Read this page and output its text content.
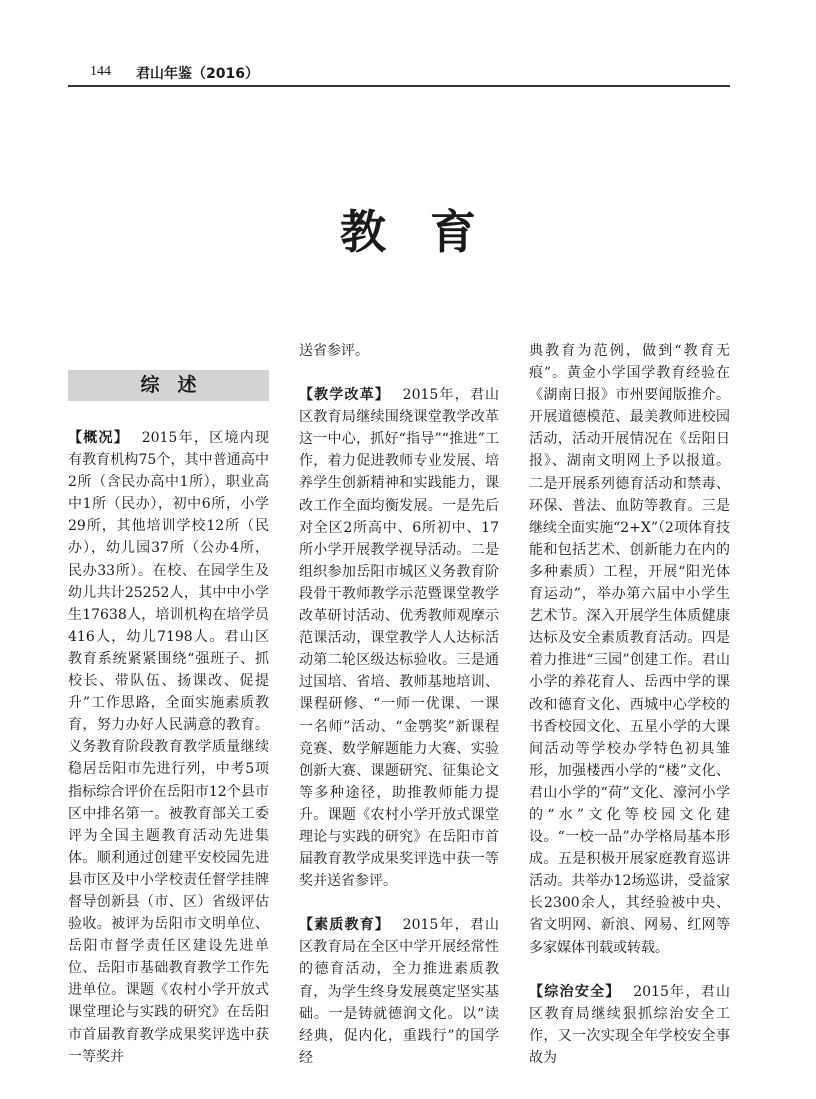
144 君山年鉴（2016）
教育
综述

【概况】 2015年，区境内现有教育机构75个，其中普通高中2所（含民办高中1所），职业高中1所（民办），初中6所，小学29所，其他培训学校12所（民办），幼儿园37所（公办4所，民办33所）。在校、在园学生及幼儿共计25252人，其中中小学生17638人，培训机构在培学员416人，幼儿7198人。君山区教育系统紧紧围绕“强班子、抓校长、带队伍、扬课改、促提升”工作思路，全面实施素质教育，努力办好人民满意的教育。义务教育阶段教育教学质量继续稳居岳阳市先进行列，中考5项指标综合评价在岳阳市12个县市区中排名第一。被教育部关工委评为全国主题教育活动先进集体。顺利通过创建平安校园先进县市区及中小学校责任督学挂牌督导创新县（市、区）省级评估验收。被评为岳阳市文明单位、岳阳市督学责任区建设先进单位、岳阳市基础教育教学工作先进单位。课题《农村小学开放式课堂理论与实践的研究》在岳阳市首届教育教学成果奖评选中获一等奖并

送省参评。

【教学改革】 2015年，君山区教育局继续围绕课堂教学改革这一中心，抓好“指导”“推进”工作，着力促进教师专业发展、培养学生创新精神和实践能力，课改工作全面均衡发展。一是先后对全区2所高中、6所初中、17所小学开展教学视导活动。二是组织参加岳阳市城区义务教育阶段骨干教师教学示范暨课堂教学改革研讨活动、优秀教师观摩示范课活动，课堂教学人人达标活动第二轮区级达标验收。三是通过国培、省培、教师基地培训、课程研修、“一师一优课、一课一名师”活动、“金鹗奖”新课程竞赛、数学解题能力大赛、实验创新大赛、课题研究、征集论文等多种途径，助推教师能力提升。课题《农村小学开放式课堂理论与实践的研究》在岳阳市首届教育教学成果奖评选中获一等奖并送省参评。

【素质教育】 2015年，君山区教育局在全区中学开展经常性的德育活动，全力推进素质教育，为学生终身发展奠定坚实基础。一是铸就德润文化。以“读经典，促内化，重践行”的国学经

典教育为范例，做到“教育无痕”。黄金小学国学教育经验在《湖南日报》市州要闻版推介。开展道德模范、最美教师进校园活动，活动开展情况在《岳阳日报》、湖南文明网上予以报道。二是开展系列德育活动和禁毒、环保、普法、血防等教育。三是继续全面实施“2+X”（2项体育技能和包括艺术、创新能力在内的多种素质）工程，开展“阳光体育运动”，举办第六届中小学生艺术节。深入开展学生体质健康达标及安全素质教育活动。四是着力推进“三园”创建工作。君山小学的养花育人、岳西中学的课改和德育文化、西城中心学校的书香校园文化、五星小学的大课间活动等学校办学特色初具雏形，加强楼西小学的“楼”文化、君山小学的“荷”文化、濠河小学的“水”文化等校园文化建设。“一校一品”办学格局基本形成。五是积极开展家庭教育巡讲活动。共举办12场巡讲，受益家长2300余人，其经验被中央、省文明网、新浪、网易、红网等多家媒体刊载或转载。

【综治安全】 2015年，君山区教育局继续狠抓综治安全工作，又一次实现全年学校安全事故为
